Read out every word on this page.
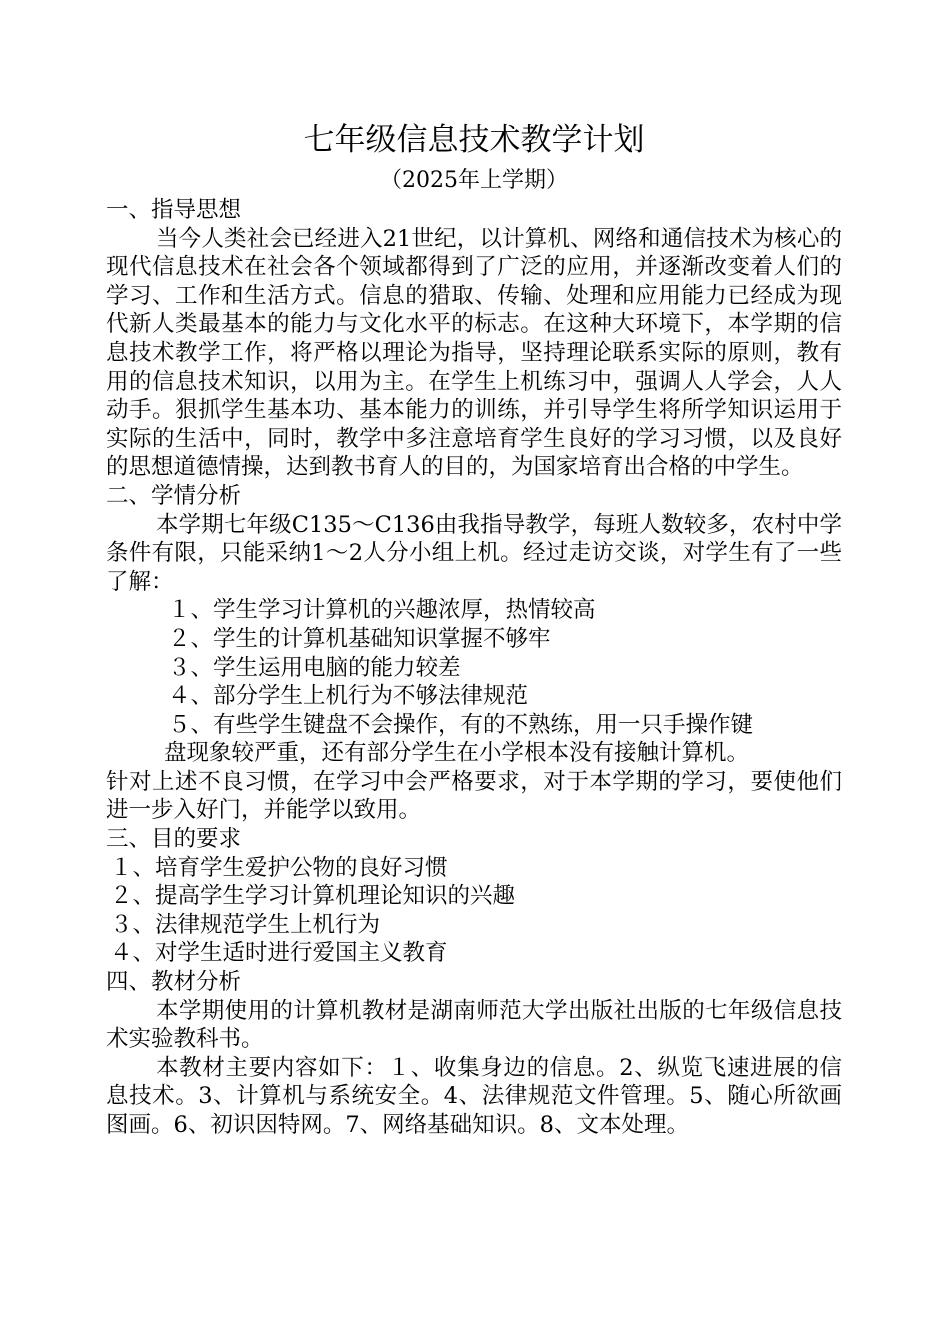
七年级信息技术教学计划

（2025年上学期）

一、指导思想

当今人类社会已经进入21世纪，以计算机、网络和通信技术为核心的现代信息技术在社会各个领域都得到了广泛的应用，并逐渐改变着人们的学习、工作和生活方式。信息的猎取、传输、处理和应用能力已经成为现代新人类最基本的能力与文化水平的标志。在这种大环境下，本学期的信息技术教学工作，将严格以理论为指导，坚持理论联系实际的原则，教有用的信息技术知识，以用为主。在学生上机练习中，强调人人学会，人人动手。狠抓学生基本功、基本能力的训练，并引导学生将所学知识运用于实际的生活中，同时，教学中多注意培育学生良好的学习习惯，以及良好的思想道德情操，达到教书育人的目的，为国家培育出合格的中学生。

二、学情分析

本学期七年级C135～C136由我指导教学，每班人数较多，农村中学条件有限，只能采纳1～2人分小组上机。经过走访交谈，对学生有了一些了解：

１、学生学习计算机的兴趣浓厚，热情较高

２、学生的计算机基础知识掌握不够牢

３、学生运用电脑的能力较差

４、部分学生上机行为不够法律规范

５、有些学生键盘不会操作，有的不熟练，用一只手操作键

盘现象较严重，还有部分学生在小学根本没有接触计算机。

针对上述不良习惯，在学习中会严格要求，对于本学期的学习，要使他们进一步入好门，并能学以致用。

三、目的要求

１、培育学生爱护公物的良好习惯

２、提高学生学习计算机理论知识的兴趣

３、法律规范学生上机行为

４、对学生适时进行爱国主义教育

四、教材分析

本学期使用的计算机教材是湖南师范大学出版社出版的七年级信息技术实验教科书。

本教材主要内容如下：１、收集身边的信息。2、纵览飞速进展的信息技术。3、计算机与系统安全。4、法律规范文件管理。5、随心所欲画图画。6、初识因特网。7、网络基础知识。8、文本处理。
